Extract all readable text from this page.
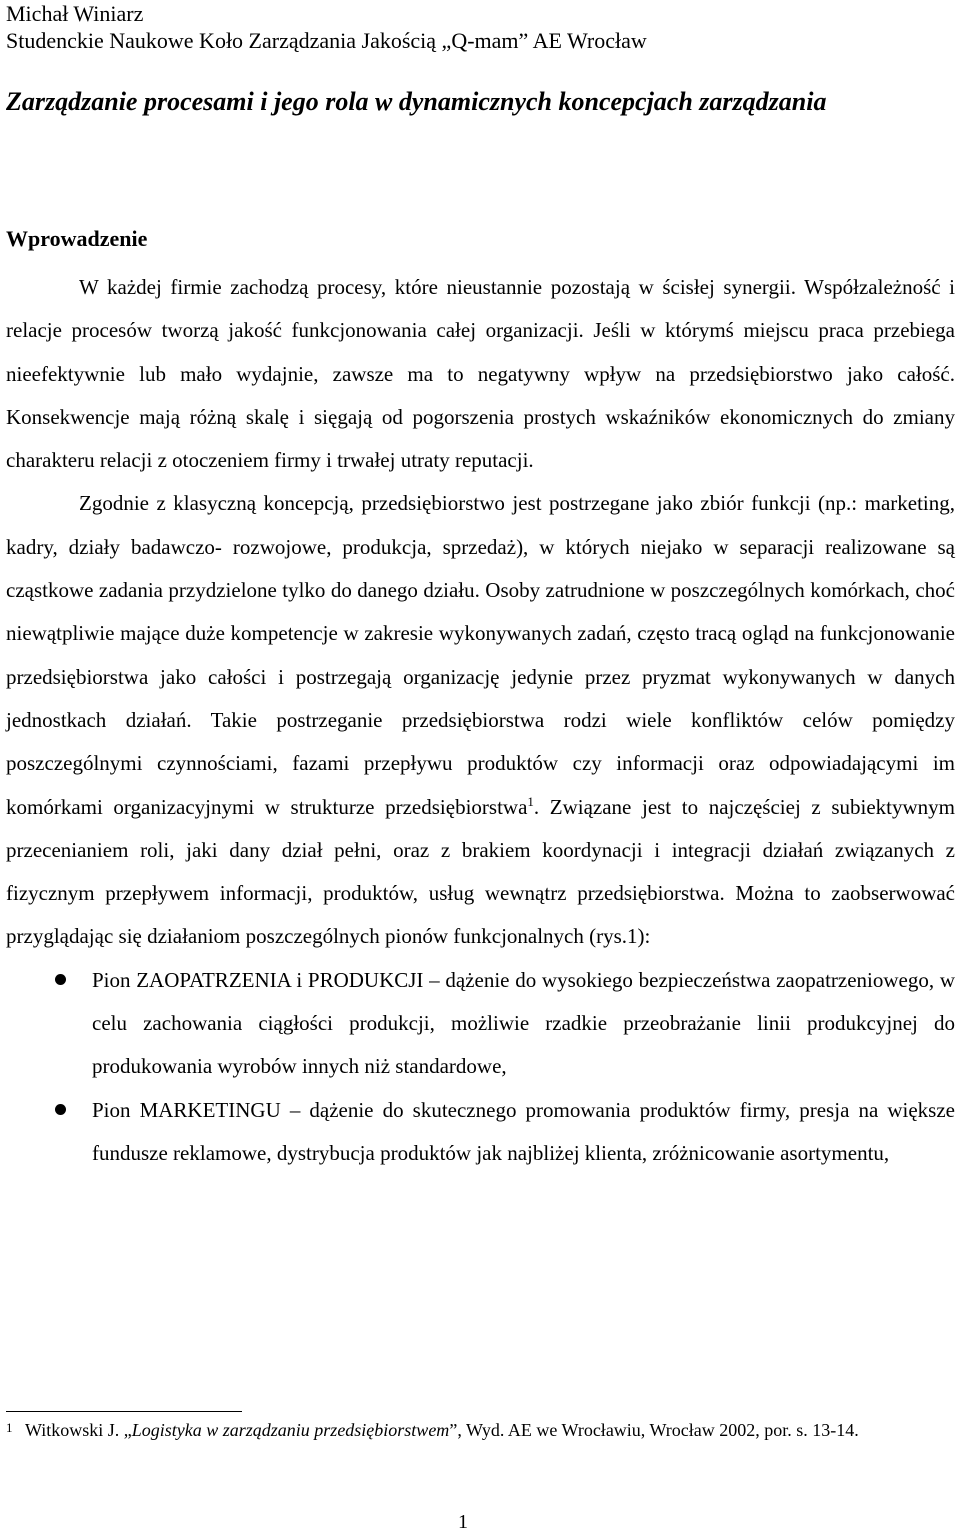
Michał Winiarz
Studenckie Naukowe Koło Zarządzania Jakością „Q-mam” AE Wrocław
Zarządzanie procesami i jego rola w dynamicznych koncepcjach zarządzania
Wprowadzenie

W każdej firmie zachodzą procesy, które nieustannie pozostają w ścisłej synergii. Współzależność i relacje procesów tworzą jakość funkcjonowania całej organizacji. Jeśli w którymś miejscu praca przebiega nieefektywnie lub mało wydajnie, zawsze ma to negatywny wpływ na przedsiębiorstwo jako całość. Konsekwencje mają różną skalę i sięgają od pogorszenia prostych wskaźników ekonomicznych do zmiany charakteru relacji z otoczeniem firmy i trwałej utraty reputacji.

Zgodnie z klasyczną koncepcją, przedsiębiorstwo jest postrzegane jako zbiór funkcji (np.: marketing, kadry, działy badawczo- rozwojowe, produkcja, sprzedaż), w których niejako w separacji realizowane są cząstkowe zadania przydzielone tylko do danego działu. Osoby zatrudnione w poszczególnych komórkach, choć niewątpliwie mające duże kompetencje w zakresie wykonywanych zadań, często tracą ogląd na funkcjonowanie przedsiębiorstwa jako całości i postrzegają organizację jedynie przez pryzmat wykonywanych w danych jednostkach działań. Takie postrzeganie przedsiębiorstwa rodzi wiele konfliktów celów pomiędzy poszczególnymi czynnościami, fazami przepływu produktów czy informacji oraz odpowiadającymi im komórkami organizacyjnymi w strukturze przedsiębiorstwa$^1$. Związane jest to najczęściej z subiektywnym przecenianiem roli, jaki dany dział pełni, oraz z brakiem koordynacji i integracji działań związanych z fizycznym przepływem informacji, produktów, usług wewnątrz przedsiębiorstwa. Można to zaobserwować przyglądając się działaniom poszczególnych pionów funkcjonalnych (rys.1):

Pion ZAOPATRZENIA i PRODUKCJI – dążenie do wysokiego bezpieczeństwa zaopatrzeniowego, w celu zachowania ciągłości produkcji, możliwie rzadkie przeobrażanie linii produkcyjnej do produkowania wyrobów innych niż standardowe,
Pion MARKETINGU – dążenie do skutecznego promowania produktów firmy, presja na większe fundusze reklamowe, dystrybucja produktów jak najbliżej klienta, zróżnicowanie asortymentu,
1 Witkowski J. „Logistyka w zarządzaniu przedsiębiorstwem”, Wyd. AE we Wrocławiu, Wrocław 2002, por. s. 13-14.
1
